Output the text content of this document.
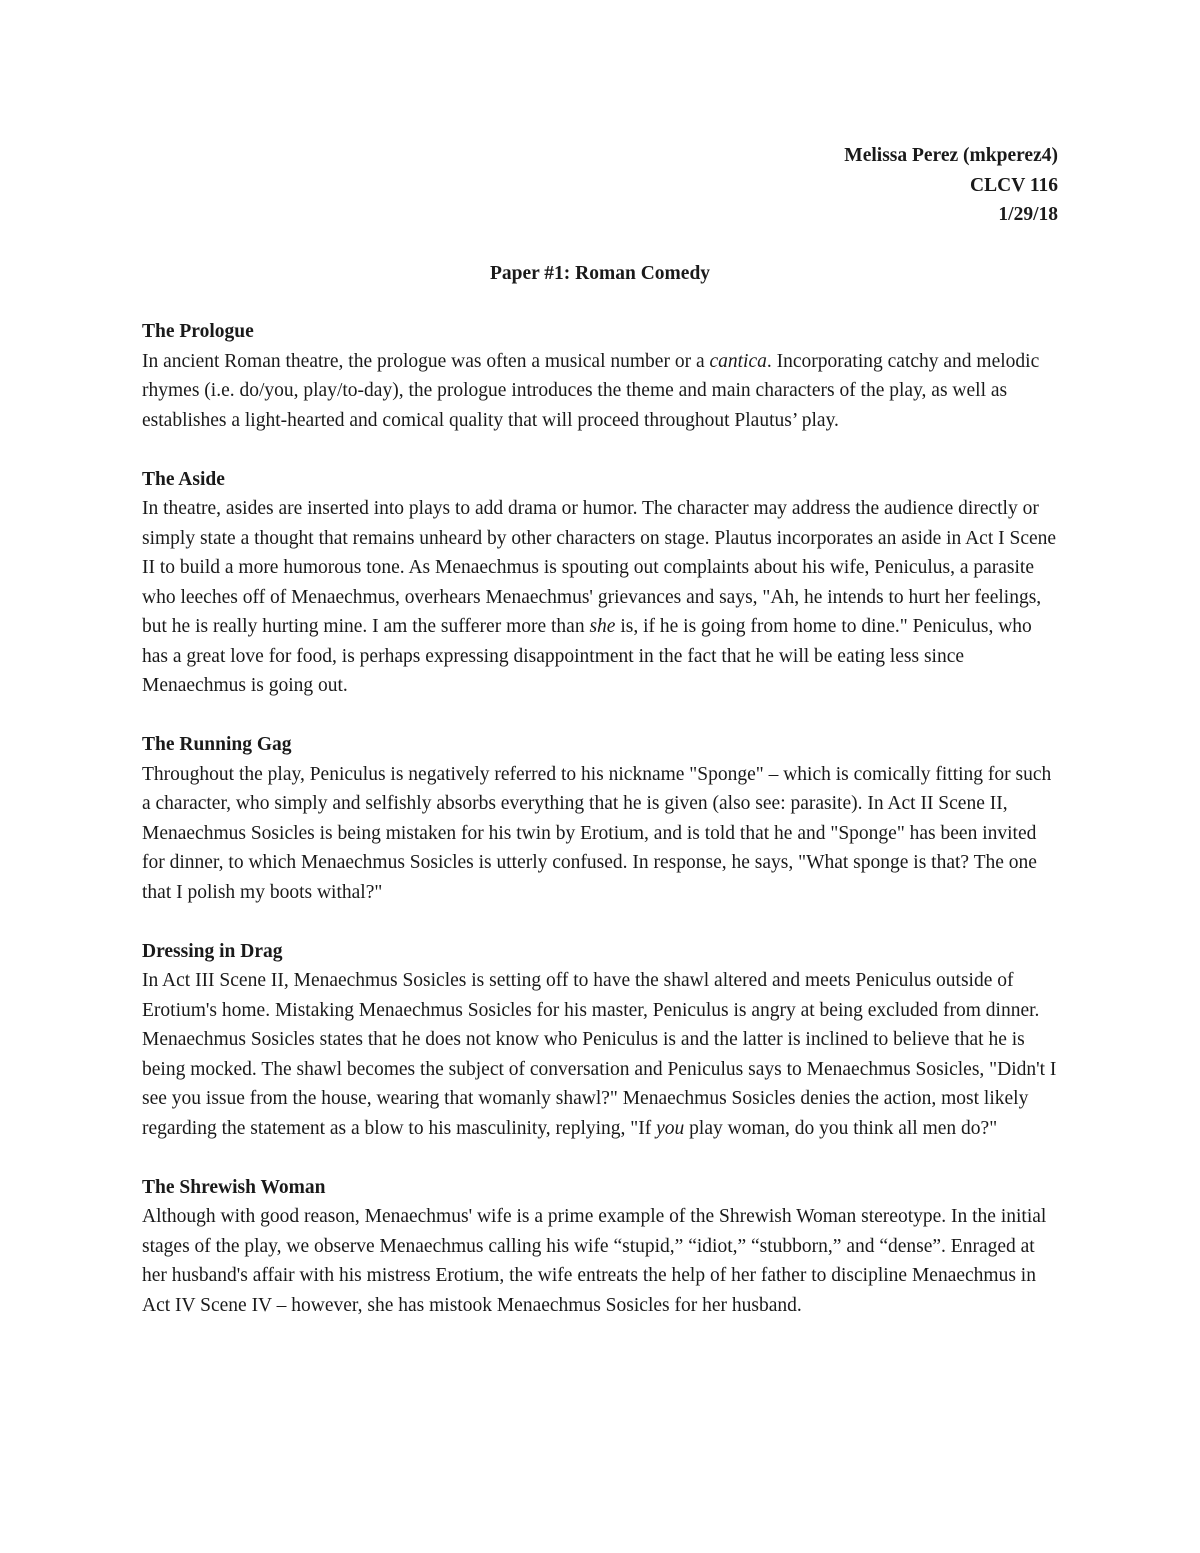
Melissa Perez (mkperez4)
CLCV 116
1/29/18
Paper #1: Roman Comedy
The Prologue

In ancient Roman theatre, the prologue was often a musical number or a cantica. Incorporating catchy and melodic rhymes (i.e. do/you, play/to-day), the prologue introduces the theme and main characters of the play, as well as establishes a light-hearted and comical quality that will proceed throughout Plautus’ play.

The Aside

In theatre, asides are inserted into plays to add drama or humor. The character may address the audience directly or simply state a thought that remains unheard by other characters on stage. Plautus incorporates an aside in Act I Scene II to build a more humorous tone. As Menaechmus is spouting out complaints about his wife, Peniculus, a parasite who leeches off of Menaechmus, overhears Menaechmus' grievances and says, "Ah, he intends to hurt her feelings, but he is really hurting mine. I am the sufferer more than she is, if he is going from home to dine." Peniculus, who has a great love for food, is perhaps expressing disappointment in the fact that he will be eating less since Menaechmus is going out.

The Running Gag

Throughout the play, Peniculus is negatively referred to his nickname "Sponge" – which is comically fitting for such a character, who simply and selfishly absorbs everything that he is given (also see: parasite). In Act II Scene II, Menaechmus Sosicles is being mistaken for his twin by Erotium, and is told that he and "Sponge" has been invited for dinner, to which Menaechmus Sosicles is utterly confused. In response, he says, "What sponge is that? The one that I polish my boots withal?"

Dressing in Drag

In Act III Scene II, Menaechmus Sosicles is setting off to have the shawl altered and meets Peniculus outside of Erotium's home. Mistaking Menaechmus Sosicles for his master, Peniculus is angry at being excluded from dinner. Menaechmus Sosicles states that he does not know who Peniculus is and the latter is inclined to believe that he is being mocked. The shawl becomes the subject of conversation and Peniculus says to Menaechmus Sosicles, "Didn't I see you issue from the house, wearing that womanly shawl?" Menaechmus Sosicles denies the action, most likely regarding the statement as a blow to his masculinity, replying, "If you play woman, do you think all men do?"

The Shrewish Woman

Although with good reason, Menaechmus' wife is a prime example of the Shrewish Woman stereotype. In the initial stages of the play, we observe Menaechmus calling his wife “stupid,” “idiot,” “stubborn,” and “dense”. Enraged at her husband's affair with his mistress Erotium, the wife entreats the help of her father to discipline Menaechmus in Act IV Scene IV – however, she has mistook Menaechmus Sosicles for her husband.
